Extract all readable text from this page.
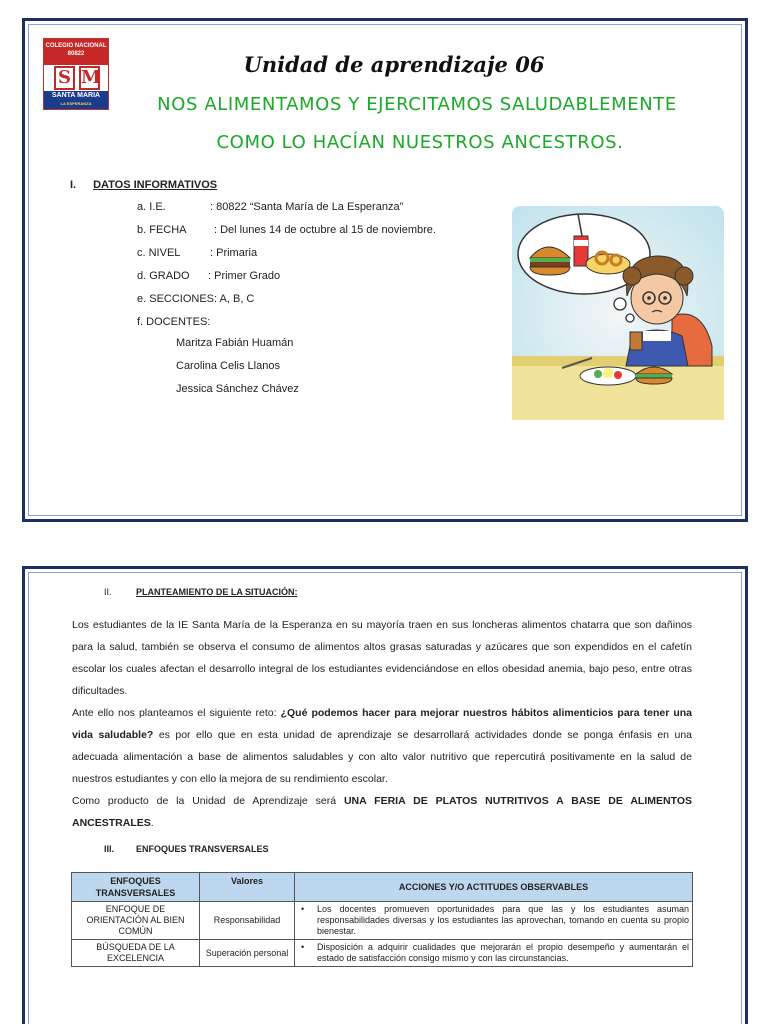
COLEGIO NACIONAL 80822
S M
SANTA MARIA
LA ESPERANZA
Unidad de aprendizaje 06
NOS ALIMENTAMOS Y EJERCITAMOS SALUDABLEMENTE
COMO LO HACÍAN NUESTROS ANCESTROS.
I. DATOS INFORMATIVOS
a. I.E.	: 80822 “Santa María de La Esperanza”
b. FECHA : Del lunes 14 de octubre al 15 de noviembre.
c. NIVEL	: Primaria
d. GRADO : Primer Grado
e. SECCIONES: A, B, C
f. DOCENTES:
Maritza Fabián Huamán
Carolina Celis Llanos
Jessica Sánchez Chávez
II.	PLANTEAMIENTO DE LA SITUACIÓN:

Los estudiantes de la IE Santa María de la Esperanza en su mayoría traen en sus loncheras alimentos chatarra que son dañinos para la salud, también se observa el consumo de alimentos altos grasas saturadas y azúcares que son expendidos en el cafetín escolar los cuales afectan el desarrollo integral de los estudiantes evidenciándose en ellos obesidad anemia, bajo peso, entre otras dificultades.

Ante ello nos planteamos el siguiente reto: ¿Qué podemos hacer para mejorar nuestros hábitos alimenticios para tener una vida saludable? es por ello que en esta unidad de aprendizaje se desarrollará actividades donde se ponga énfasis en una adecuada alimentación a base de alimentos saludables y con alto valor nutritivo que repercutirá positivamente en la salud de nuestros estudiantes y con ello la mejora de su rendimiento escolar.

Como producto de la Unidad de Aprendizaje será UNA FERIA DE PLATOS NUTRITIVOS A BASE DE ALIMENTOS ANCESTRALES.

III. ENFOQUES TRANSVERSALES
ENFOQUES TRANSVERSALES	Valores	ACCIONES Y/O ACTITUDES OBSERVABLES
ENFOQUE DE ORIENTACIÓN AL BIEN COMÚN	Responsabilidad	• Los docentes promueven oportunidades para que las y los estudiantes asuman responsabilidades diversas y los estudiantes las aprovechan, tomando en cuenta su propio bienestar.
BÚSQUEDA DE LA EXCELENCIA	Superación personal	• Disposición a adquirir cualidades que mejorarán el propio desempeño y aumentarán el estado de satisfacción consigo mismo y con las circunstancias.
